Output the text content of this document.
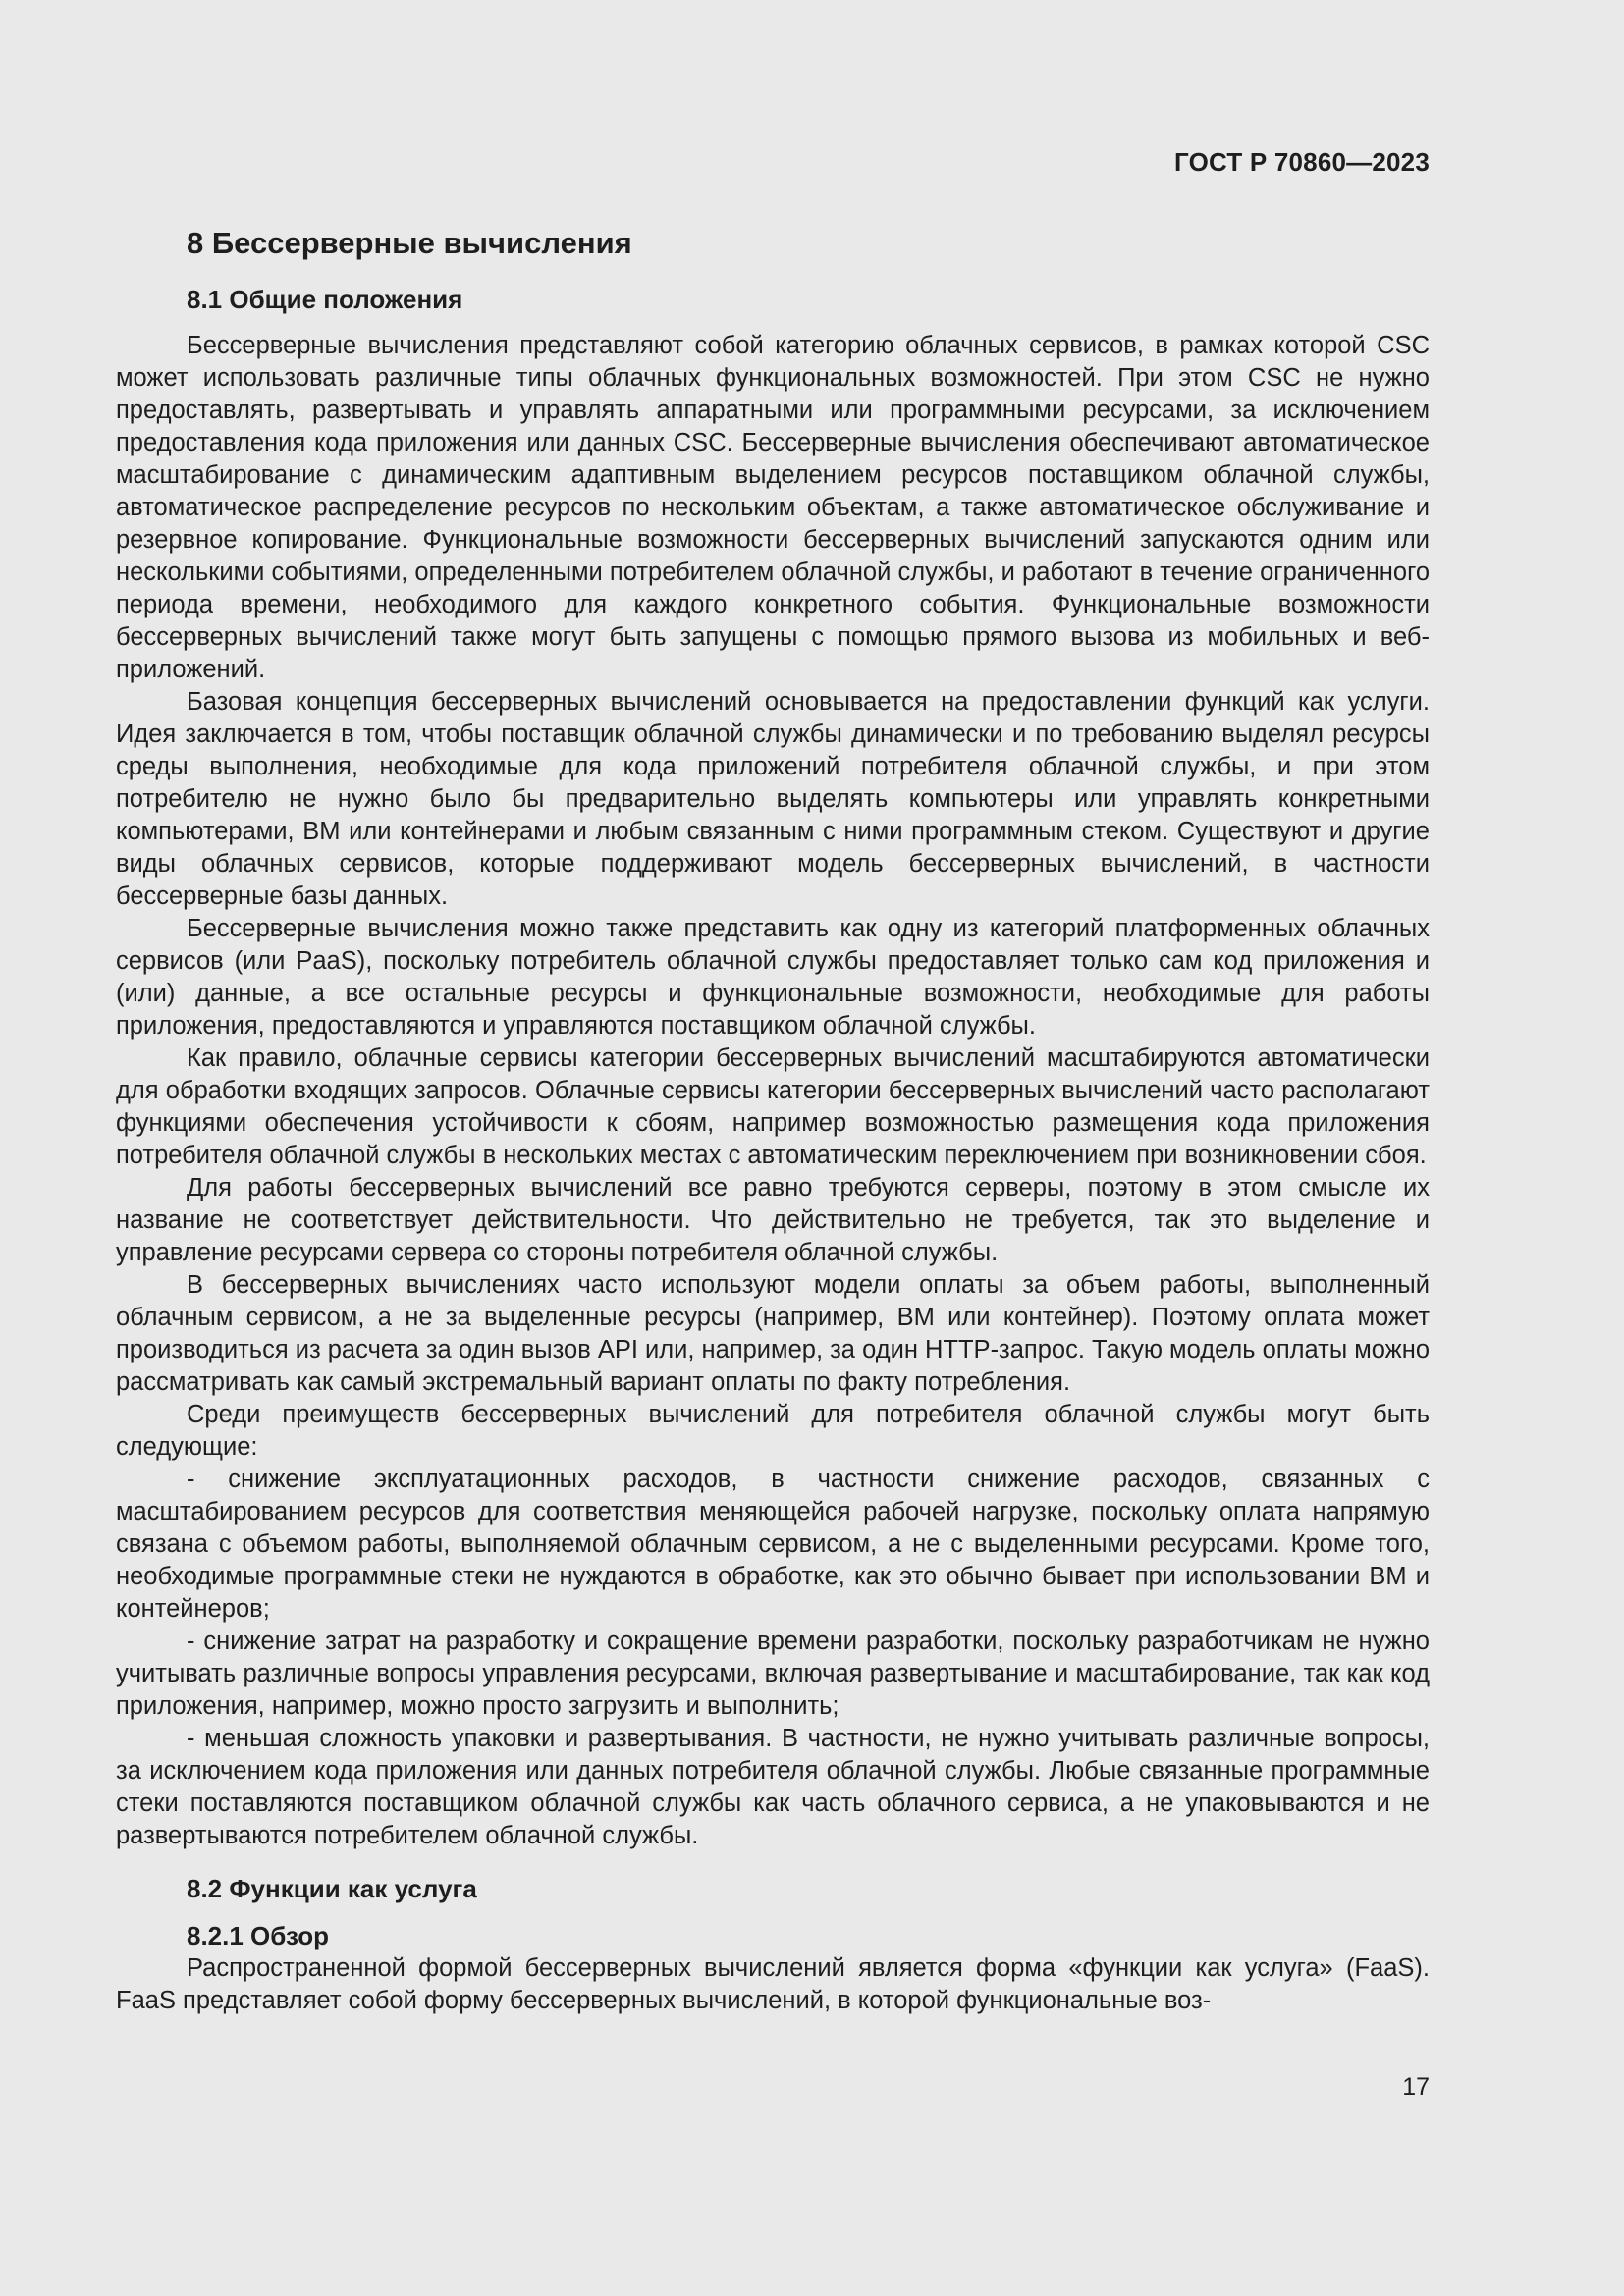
ГОСТ Р 70860—2023
8 Бессерверные вычисления
8.1 Общие положения

Бессерверные вычисления представляют собой категорию облачных сервисов, в рамках которой CSC может использовать различные типы облачных функциональных возможностей. При этом CSC не нужно предоставлять, развертывать и управлять аппаратными или программными ресурсами, за исключением предоставления кода приложения или данных CSC. Бессерверные вычисления обеспечивают автоматическое масштабирование с динамическим адаптивным выделением ресурсов поставщиком облачной службы, автоматическое распределение ресурсов по нескольким объектам, а также автоматическое обслуживание и резервное копирование. Функциональные возможности бессерверных вычислений запускаются одним или несколькими событиями, определенными потребителем облачной службы, и работают в течение ограниченного периода времени, необходимого для каждого конкретного события. Функциональные возможности бессерверных вычислений также могут быть запущены с помощью прямого вызова из мобильных и веб-приложений.

Базовая концепция бессерверных вычислений основывается на предоставлении функций как услуги. Идея заключается в том, чтобы поставщик облачной службы динамически и по требованию выделял ресурсы среды выполнения, необходимые для кода приложений потребителя облачной службы, и при этом потребителю не нужно было бы предварительно выделять компьютеры или управлять конкретными компьютерами, ВМ или контейнерами и любым связанным с ними программным стеком. Существуют и другие виды облачных сервисов, которые поддерживают модель бессерверных вычислений, в частности бессерверные базы данных.

Бессерверные вычисления можно также представить как одну из категорий платформенных облачных сервисов (или PaaS), поскольку потребитель облачной службы предоставляет только сам код приложения и (или) данные, а все остальные ресурсы и функциональные возможности, необходимые для работы приложения, предоставляются и управляются поставщиком облачной службы.

Как правило, облачные сервисы категории бессерверных вычислений масштабируются автоматически для обработки входящих запросов. Облачные сервисы категории бессерверных вычислений часто располагают функциями обеспечения устойчивости к сбоям, например возможностью размещения кода приложения потребителя облачной службы в нескольких местах с автоматическим переключением при возникновении сбоя.

Для работы бессерверных вычислений все равно требуются серверы, поэтому в этом смысле их название не соответствует действительности. Что действительно не требуется, так это выделение и управление ресурсами сервера со стороны потребителя облачной службы.

В бессерверных вычислениях часто используют модели оплаты за объем работы, выполненный облачным сервисом, а не за выделенные ресурсы (например, ВМ или контейнер). Поэтому оплата может производиться из расчета за один вызов API или, например, за один HTTP-запрос. Такую модель оплаты можно рассматривать как самый экстремальный вариант оплаты по факту потребления.

Среди преимуществ бессерверных вычислений для потребителя облачной службы могут быть следующие:

- снижение эксплуатационных расходов, в частности снижение расходов, связанных с масштабированием ресурсов для соответствия меняющейся рабочей нагрузке, поскольку оплата напрямую связана с объемом работы, выполняемой облачным сервисом, а не с выделенными ресурсами. Кроме того, необходимые программные стеки не нуждаются в обработке, как это обычно бывает при использовании ВМ и контейнеров;

- снижение затрат на разработку и сокращение времени разработки, поскольку разработчикам не нужно учитывать различные вопросы управления ресурсами, включая развертывание и масштабирование, так как код приложения, например, можно просто загрузить и выполнить;

- меньшая сложность упаковки и развертывания. В частности, не нужно учитывать различные вопросы, за исключением кода приложения или данных потребителя облачной службы. Любые связанные программные стеки поставляются поставщиком облачной службы как часть облачного сервиса, а не упаковываются и не развертываются потребителем облачной службы.

8.2 Функции как услуга
8.2.1 Обзор

Распространенной формой бессерверных вычислений является форма «функции как услуга» (FaaS). FaaS представляет собой форму бессерверных вычислений, в которой функциональные воз-

17
